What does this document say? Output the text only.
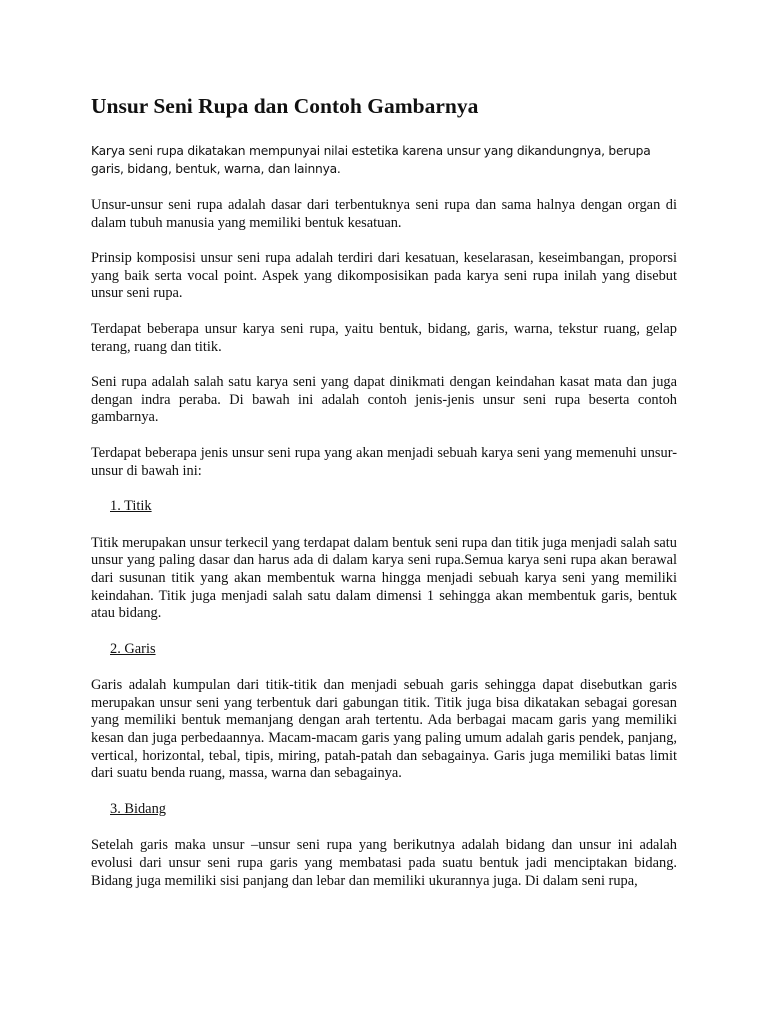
Unsur Seni Rupa dan Contoh Gambarnya
Karya seni rupa dikatakan mempunyai nilai estetika karena unsur yang dikandungnya, berupa garis, bidang, bentuk, warna, dan lainnya.

Unsur-unsur seni rupa adalah dasar dari terbentuknya seni rupa dan sama halnya dengan organ di dalam tubuh manusia yang memiliki bentuk kesatuan.

Prinsip komposisi unsur seni rupa adalah terdiri dari kesatuan, keselarasan, keseimbangan, proporsi yang baik serta vocal point. Aspek yang dikomposisikan pada karya seni rupa inilah yang disebut unsur seni rupa.

Terdapat beberapa unsur karya seni rupa, yaitu bentuk, bidang, garis, warna, tekstur ruang, gelap terang, ruang dan titik.

Seni rupa adalah salah satu karya seni yang dapat dinikmati dengan keindahan kasat mata dan juga dengan indra peraba. Di bawah ini adalah contoh jenis-jenis unsur seni rupa beserta contoh gambarnya.

Terdapat beberapa jenis unsur seni rupa yang akan menjadi sebuah karya seni yang memenuhi unsur-unsur di bawah ini:

1. Titik

Titik merupakan unsur terkecil yang terdapat dalam bentuk seni rupa dan titik juga menjadi salah satu unsur yang paling dasar dan harus ada di dalam karya seni rupa.Semua karya seni rupa akan berawal dari susunan titik yang akan membentuk warna hingga menjadi sebuah karya seni yang memiliki keindahan. Titik juga menjadi salah satu dalam dimensi 1 sehingga akan membentuk garis, bentuk atau bidang.

2. Garis

Garis adalah kumpulan dari titik-titik dan menjadi sebuah garis sehingga dapat disebutkan garis merupakan unsur seni yang terbentuk dari gabungan titik. Titik juga bisa dikatakan sebagai goresan yang memiliki bentuk memanjang dengan arah tertentu. Ada berbagai macam garis yang memiliki kesan dan juga perbedaannya. Macam-macam garis yang paling umum adalah garis pendek, panjang, vertical, horizontal, tebal, tipis, miring, patah-patah dan sebagainya. Garis juga memiliki batas limit dari suatu benda ruang, massa, warna dan sebagainya.

3. Bidang

Setelah garis maka unsur –unsur seni rupa yang berikutnya adalah bidang dan unsur ini adalah evolusi dari unsur seni rupa garis yang membatasi pada suatu bentuk jadi menciptakan bidang. Bidang juga memiliki sisi panjang dan lebar dan memiliki ukurannya juga. Di dalam seni rupa,
